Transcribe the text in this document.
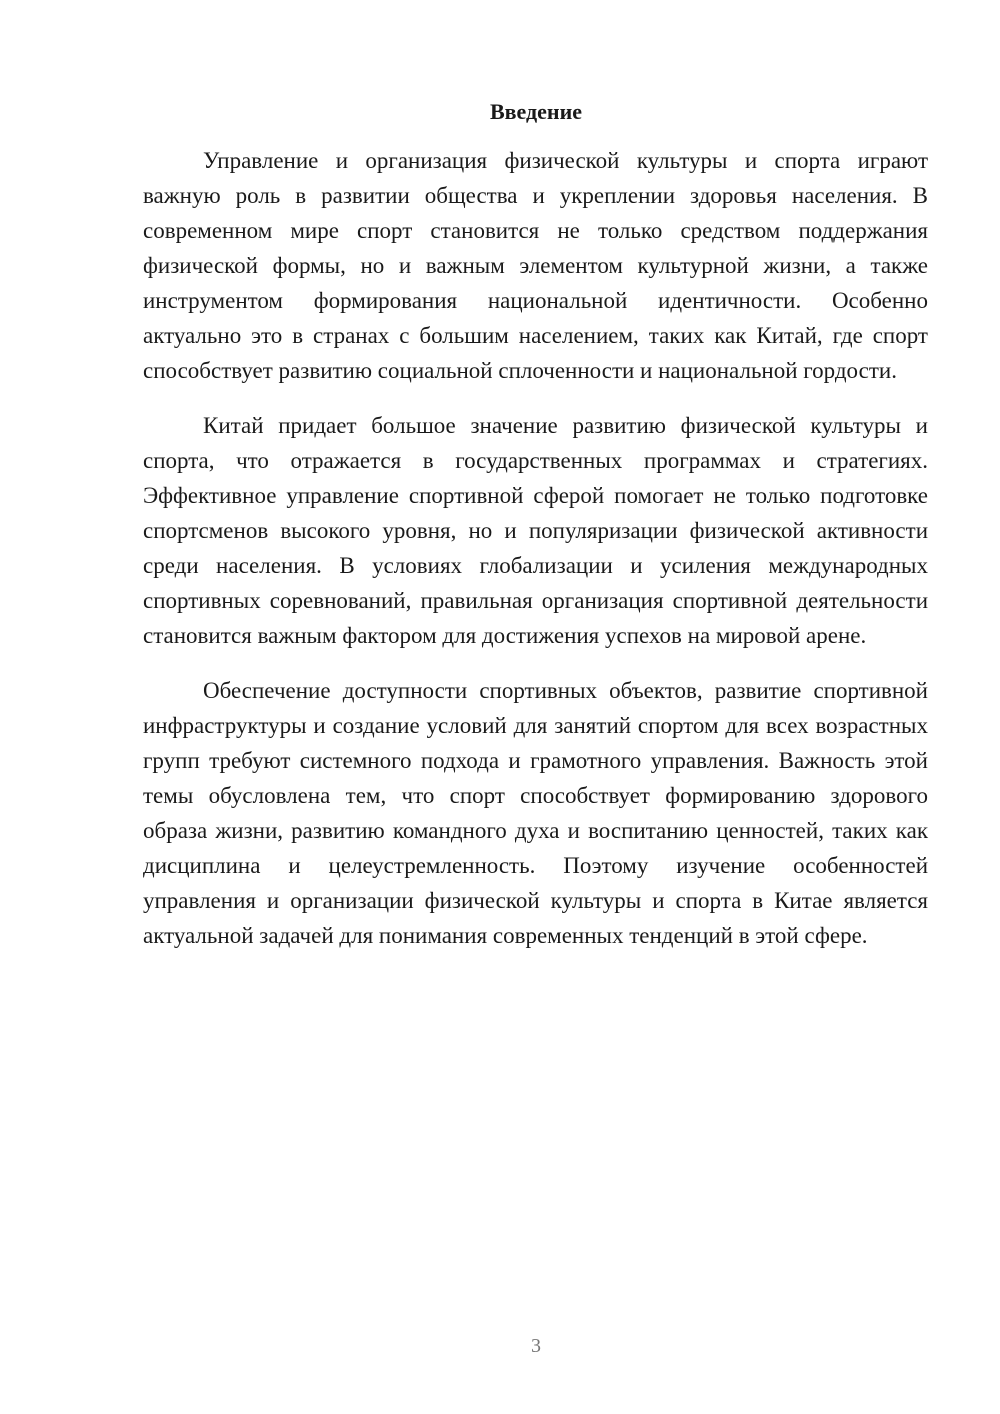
Введение

Управление и организация физической культуры и спорта играют важную роль в развитии общества и укреплении здоровья населения. В современном мире спорт становится не только средством поддержания физической формы, но и важным элементом культурной жизни, а также инструментом формирования национальной идентичности. Особенно актуально это в странах с большим населением, таких как Китай, где спорт способствует развитию социальной сплоченности и национальной гордости.

Китай придает большое значение развитию физической культуры и спорта, что отражается в государственных программах и стратегиях. Эффективное управление спортивной сферой помогает не только подготовке спортсменов высокого уровня, но и популяризации физической активности среди населения. В условиях глобализации и усиления международных спортивных соревнований, правильная организация спортивной деятельности становится важным фактором для достижения успехов на мировой арене.

Обеспечение доступности спортивных объектов, развитие спортивной инфраструктуры и создание условий для занятий спортом для всех возрастных групп требуют системного подхода и грамотного управления. Важность этой темы обусловлена тем, что спорт способствует формированию здорового образа жизни, развитию командного духа и воспитанию ценностей, таких как дисциплина и целеустремленность. Поэтому изучение особенностей управления и организации физической культуры и спорта в Китае является актуальной задачей для понимания современных тенденций в этой сфере.

3
